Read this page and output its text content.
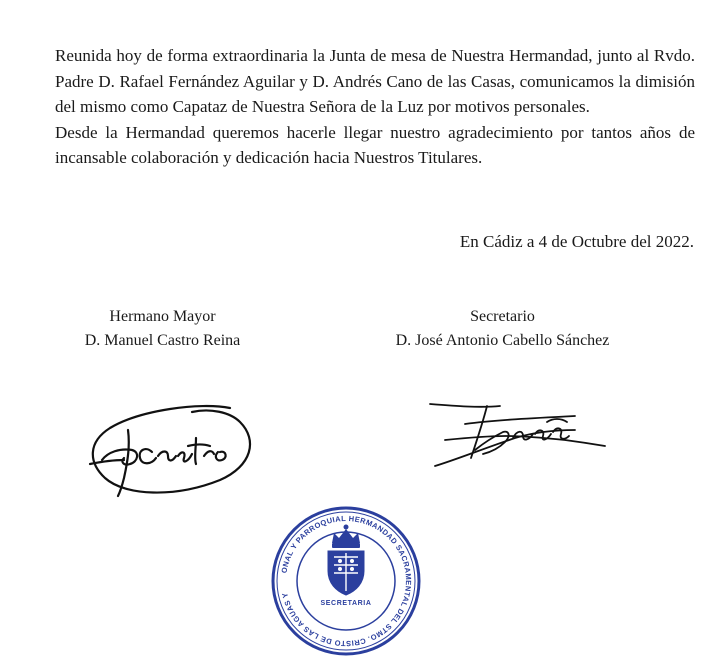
Reunida hoy de forma extraordinaria la Junta de mesa de Nuestra Hermandad, junto al Rvdo. Padre D. Rafael Fernández Aguilar y D. Andrés Cano de las Casas, comunicamos la dimisión del mismo como Capataz de Nuestra Señora de la Luz por motivos personales.

Desde la Hermandad queremos hacerle llegar nuestro agradecimiento por tantos años de incansable colaboración y dedicación hacia Nuestros Titulares.

En Cádiz a 4 de Octubre del 2022.
Hermano Mayor
D. Manuel Castro Reina
Secretario
D. José Antonio Cabello Sánchez
ONAL Y PARROQUIAL HERMANDAD SACRAMENTAL DEL STMO. CRISTO DE LAS AGUAS Y
SECRETARIA
